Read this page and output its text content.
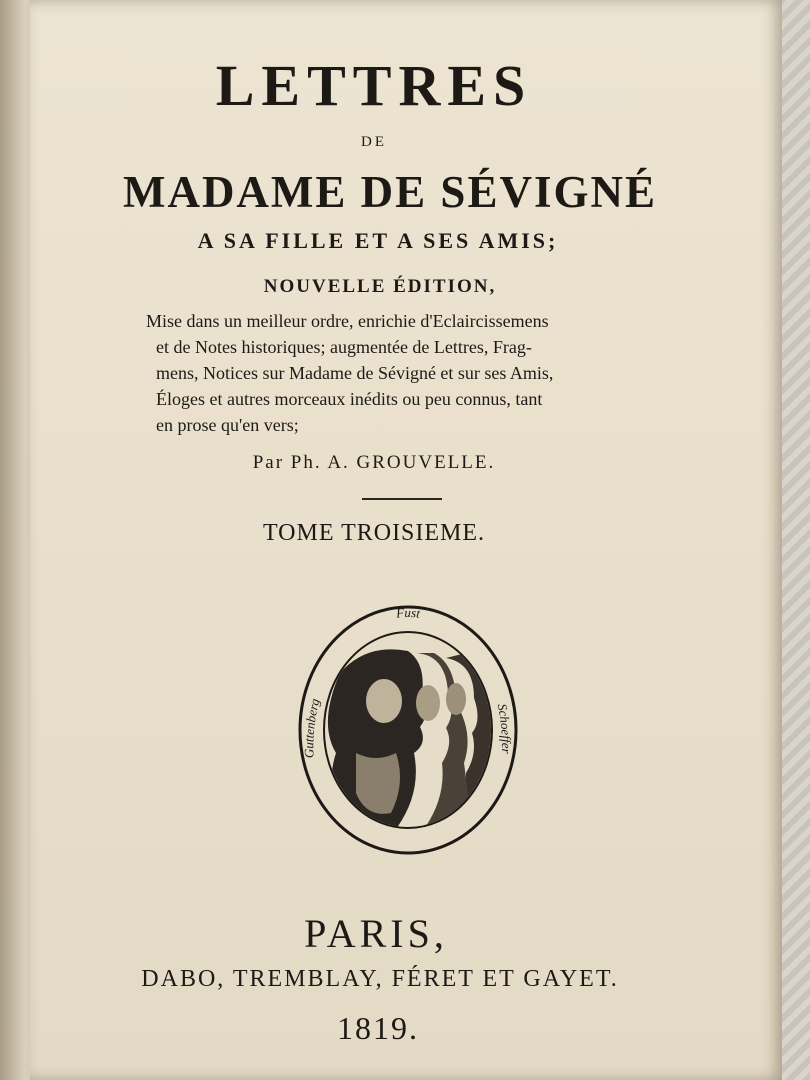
LETTRES
DE
MADAME DE SÉVIGNÉ
A SA FILLE ET A SES AMIS;
NOUVELLE ÉDITION,
Mise dans un meilleur ordre, enrichie d'Eclaircissemens
et de Notes historiques; augmentée de Lettres, Frag-
mens, Notices sur Madame de Sévigné et sur ses Amis,
Éloges et autres morceaux inédits ou peu connus, tant
en prose qu'en vers;
Par Ph. A. GROUVELLE.
TOME TROISIEME.
Fust
Guttenberg
Schoeffer
PARIS,
DABO, TREMBLAY, FÉRET ET GAYET.
1819.
